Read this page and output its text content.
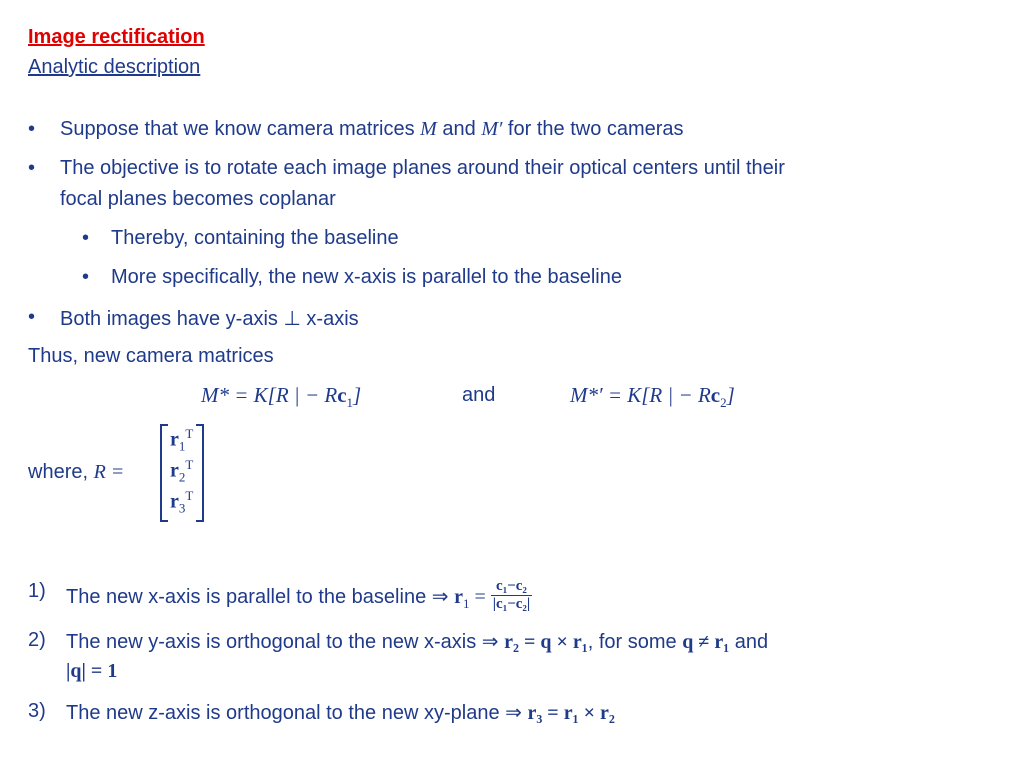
Image rectification
Analytic description
• Suppose that we know camera matrices M and M′ for the two cameras
• The objective is to rotate each image planes around their optical centers until their
focal planes becomes coplanar
• Thereby, containing the baseline
• More specifically, the new x-axis is parallel to the baseline
• Both images have y-axis ⊥ x-axis
Thus, new camera matrices
M* = K[R | − $Rc_1$]	and	M*′ = K[R | − $Rc_2$]
where, R =
$r_1^T$
$r_2^T$
$r_3^T$
1) The new x-axis is parallel to the baseline ⇒ $r_1 = \frac{\text{c₁−c₂}}{\text{|c₁−c₂|}}$
2) The new y-axis is orthogonal to the new x-axis ⇒ r₂ = q × r₁, for some q ≠ r₁ and
|q| = 1
3) The new z-axis is orthogonal to the new xy-plane ⇒ r₃ = r₁ × r₂
